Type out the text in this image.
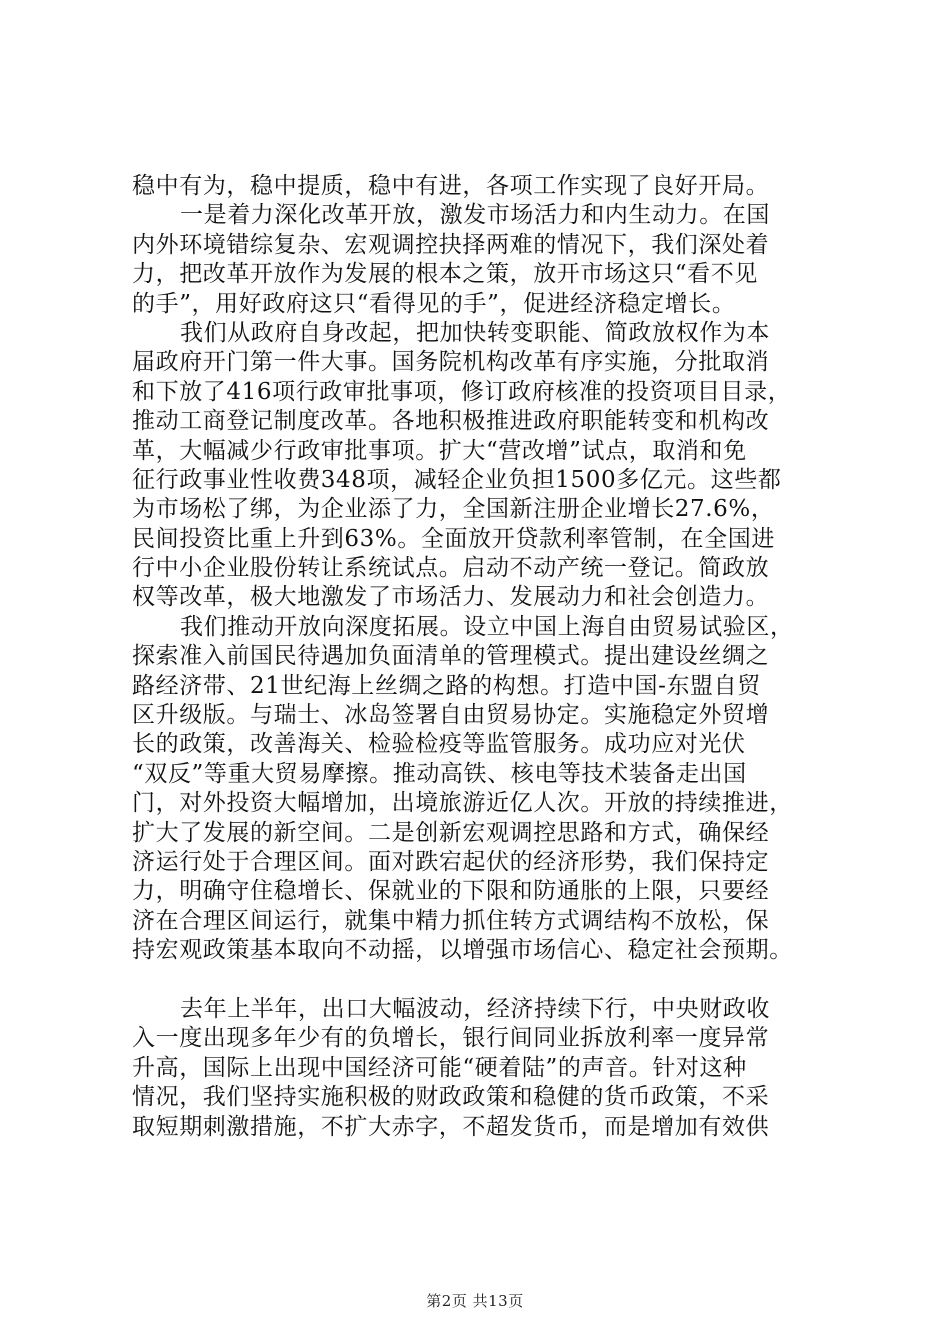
稳中有为，稳中提质，稳中有进，各项工作实现了良好开局。
一是着力深化改革开放，激发市场活力和内生动力。在国
内外环境错综复杂、宏观调控抉择两难的情况下，我们深处着
力，把改革开放作为发展的根本之策，放开市场这只“看不见
的手”，用好政府这只“看得见的手”，促进经济稳定增长。
我们从政府自身改起，把加快转变职能、简政放权作为本
届政府开门第一件大事。国务院机构改革有序实施，分批取消
和下放了416项行政审批事项，修订政府核准的投资项目目录，
推动工商登记制度改革。各地积极推进政府职能转变和机构改
革，大幅减少行政审批事项。扩大“营改增”试点，取消和免
征行政事业性收费348项，减轻企业负担1500多亿元。这些都
为市场松了绑，为企业添了力，全国新注册企业增长27.6%，
民间投资比重上升到63%。全面放开贷款利率管制，在全国进
行中小企业股份转让系统试点。启动不动产统一登记。简政放
权等改革，极大地激发了市场活力、发展动力和社会创造力。
我们推动开放向深度拓展。设立中国上海自由贸易试验区，
探索准入前国民待遇加负面清单的管理模式。提出建设丝绸之
路经济带、21世纪海上丝绸之路的构想。打造中国-东盟自贸
区升级版。与瑞士、冰岛签署自由贸易协定。实施稳定外贸增
长的政策，改善海关、检验检疫等监管服务。成功应对光伏
“双反”等重大贸易摩擦。推动高铁、核电等技术装备走出国
门，对外投资大幅增加，出境旅游近亿人次。开放的持续推进，
扩大了发展的新空间。二是创新宏观调控思路和方式，确保经
济运行处于合理区间。面对跌宕起伏的经济形势，我们保持定
力，明确守住稳增长、保就业的下限和防通胀的上限，只要经
济在合理区间运行，就集中精力抓住转方式调结构不放松，保
持宏观政策基本取向不动摇，以增强市场信心、稳定社会预期。
去年上半年，出口大幅波动，经济持续下行，中央财政收
入一度出现多年少有的负增长，银行间同业拆放利率一度异常
升高，国际上出现中国经济可能“硬着陆”的声音。针对这种
情况，我们坚持实施积极的财政政策和稳健的货币政策，不采
取短期刺激措施，不扩大赤字，不超发货币，而是增加有效供
第2页 共13页
